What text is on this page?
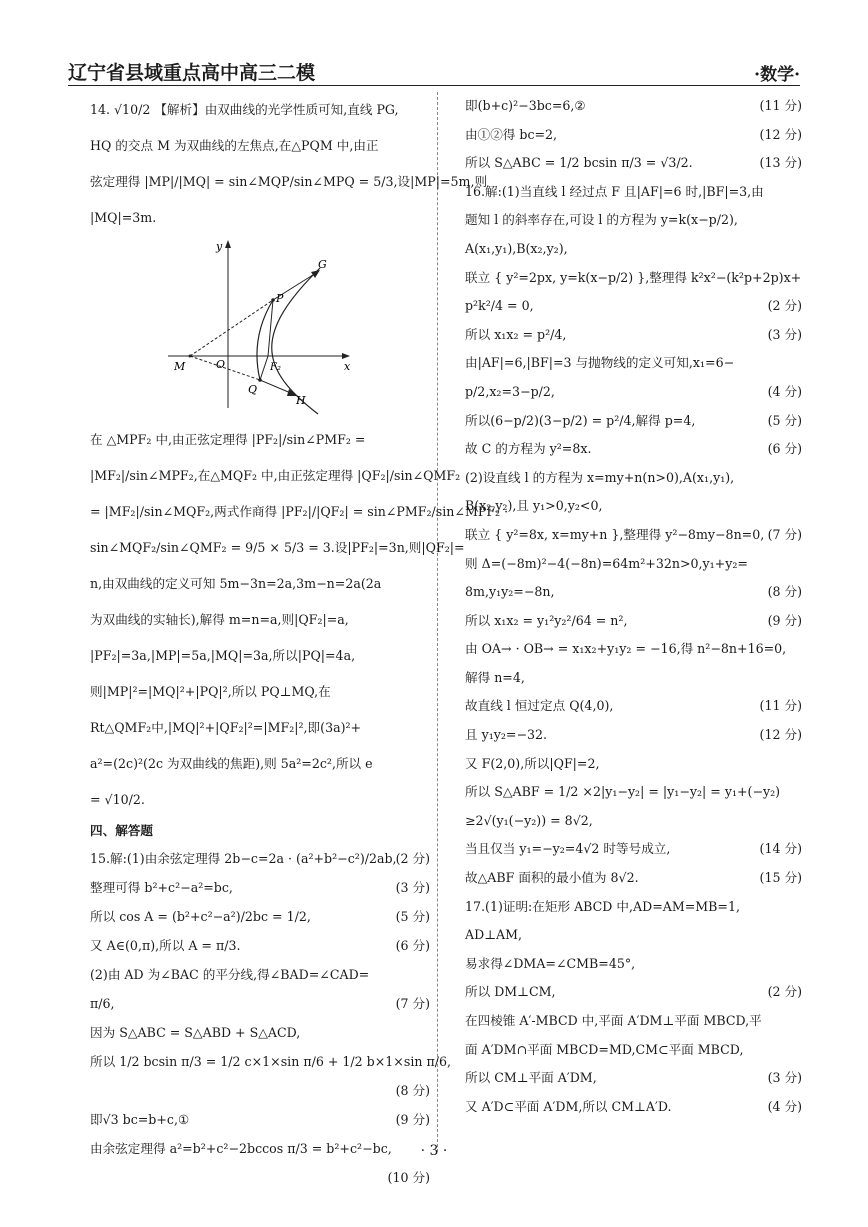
辽宁省县域重点高中高三二模	·数学·
14. √10/2 【解析】由双曲线的光学性质可知,直线 PG,
HQ 的交点 M 为双曲线的左焦点,在△PQM 中,由正
弦定理得 |MP|/|MQ| = sin∠MQP/sin∠MPQ = 5/3,设|MP|=5m,则
|MQ|=3m.
y
G
P
M	O	F₂	x
Q
H
在 △MPF₂ 中,由正弦定理得 |PF₂|/sin∠PMF₂ =
|MF₂|/sin∠MPF₂,在△MQF₂ 中,由正弦定理得 |QF₂|/sin∠QMF₂
= |MF₂|/sin∠MQF₂,两式作商得 |PF₂|/|QF₂| = sin∠PMF₂/sin∠MPF₂ ·
sin∠MQF₂/sin∠QMF₂ = 9/5 × 5/3 = 3.设|PF₂|=3n,则|QF₂|=
n,由双曲线的定义可知 5m−3n=2a,3m−n=2a(2a
为双曲线的实轴长),解得 m=n=a,则|QF₂|=a,
|PF₂|=3a,|MP|=5a,|MQ|=3a,所以|PQ|=4a,
则|MP|²=|MQ|²+|PQ|²,所以 PQ⊥MQ,在
Rt△QMF₂中,|MQ|²+|QF₂|²=|MF₂|²,即(3a)²+
a²=(2c)²(2c 为双曲线的焦距),则 5a²=2c²,所以 e
= √10/2.
四、解答题
15.解:(1)由余弦定理得 2b−c=2a · (a²+b²−c²)/2ab, (2 分)
整理可得 b²+c²−a²=bc,	(3 分)
所以 cos A = (b²+c²−a²)/2bc = 1/2,	(5 分)
又 A∈(0,π),所以 A = π/3.	(6 分)
(2)由 AD 为∠BAC 的平分线,得∠BAD=∠CAD=
π/6,	(7 分)
因为 S△ABC = S△ABD + S△ACD,
所以 1/2 bcsin π/3 = 1/2 c×1×sin π/6 + 1/2 b×1×sin π/6,
(8 分)
即√3 bc=b+c,①	(9 分)
由余弦定理得 a²=b²+c²−2bccos π/3 = b²+c²−bc,
(10 分)
即(b+c)²−3bc=6,②	(11 分)
由①②得 bc=2,	(12 分)
所以 S△ABC = 1/2 bcsin π/3 = √3/2.	(13 分)
16.解:(1)当直线 l 经过点 F 且|AF|=6 时,|BF|=3,由
题知 l 的斜率存在,可设 l 的方程为 y=k(x−p/2),
A(x₁,y₁),B(x₂,y₂),
联立 { y²=2px, y=k(x−p/2) },整理得 k²x²−(k²p+2p)x+
p²k²/4 = 0,	(2 分)
所以 x₁x₂ = p²/4,	(3 分)
由|AF|=6,|BF|=3 与抛物线的定义可知,x₁=6−
p/2,x₂=3−p/2,	(4 分)
所以(6−p/2)(3−p/2) = p²/4,解得 p=4,	(5 分)
故 C 的方程为 y²=8x.	(6 分)
(2)设直线 l 的方程为 x=my+n(n>0),A(x₁,y₁),
B(x₂,y₂),且 y₁>0,y₂<0,
联立 { y²=8x, x=my+n },整理得 y²−8my−8n=0, (7 分)
则 Δ=(−8m)²−4(−8n)=64m²+32n>0,y₁+y₂=
8m,y₁y₂=−8n,	(8 分)
所以 x₁x₂ = y₁²y₂²/64 = n²,	(9 分)
由 OA→ · OB→ = x₁x₂+y₁y₂ = −16,得 n²−8n+16=0,
解得 n=4,
故直线 l 恒过定点 Q(4,0),	(11 分)
且 y₁y₂=−32.	(12 分)
又 F(2,0),所以|QF|=2,
所以 S△ABF = 1/2 ×2|y₁−y₂| = |y₁−y₂| = y₁+(−y₂)
≥2√(y₁(−y₂)) = 8√2,
当且仅当 y₁=−y₂=4√2 时等号成立,	(14 分)
故△ABF 面积的最小值为 8√2.	(15 分)
17.(1)证明:在矩形 ABCD 中,AD=AM=MB=1,
AD⊥AM,
易求得∠DMA=∠CMB=45°,
所以 DM⊥CM,	(2 分)
在四棱锥 A′-MBCD 中,平面 A′DM⊥平面 MBCD,平
面 A′DM∩平面 MBCD=MD,CM⊂平面 MBCD,
所以 CM⊥平面 A′DM,	(3 分)
又 A′D⊂平面 A′DM,所以 CM⊥A′D.	(4 分)
· 3 ·
